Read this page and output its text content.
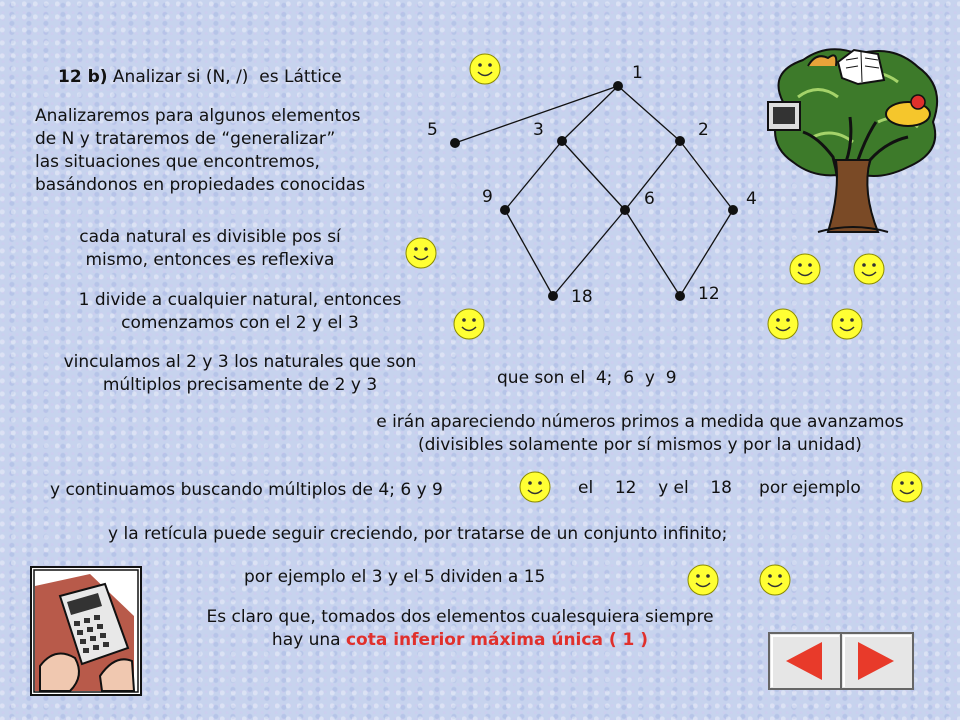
12 b) Analizar si (N, /) es Láttice
Analizaremos para algunos elementos
de N y trataremos de “generalizar”
las situaciones que encontremos,
basándonos en propiedades conocidas
cada natural es divisible pos sí
mismo, entonces es reflexiva
1 divide a cualquier natural, entonces
comenzamos con el 2 y el 3
vinculamos al 2 y 3 los naturales que son
múltiplos precisamente de 2 y 3	que son el  4;  6  y  9
e irán apareciendo números primos a medida que avanzamos
(divisibles solamente por sí mismos y por la unidad)
y continuamos buscando múltiplos de 4; 6 y 9	el 12 y el 18 por ejemplo
y la retícula puede seguir creciendo, por tratarse de un conjunto infinito;
por ejemplo el 3 y el 5 dividen a 15
Es claro que, tomados dos elementos cualesquiera siempre
hay una cota inferior máxima única ( 1 )
1
5	3	2
9	6	4
18	12
